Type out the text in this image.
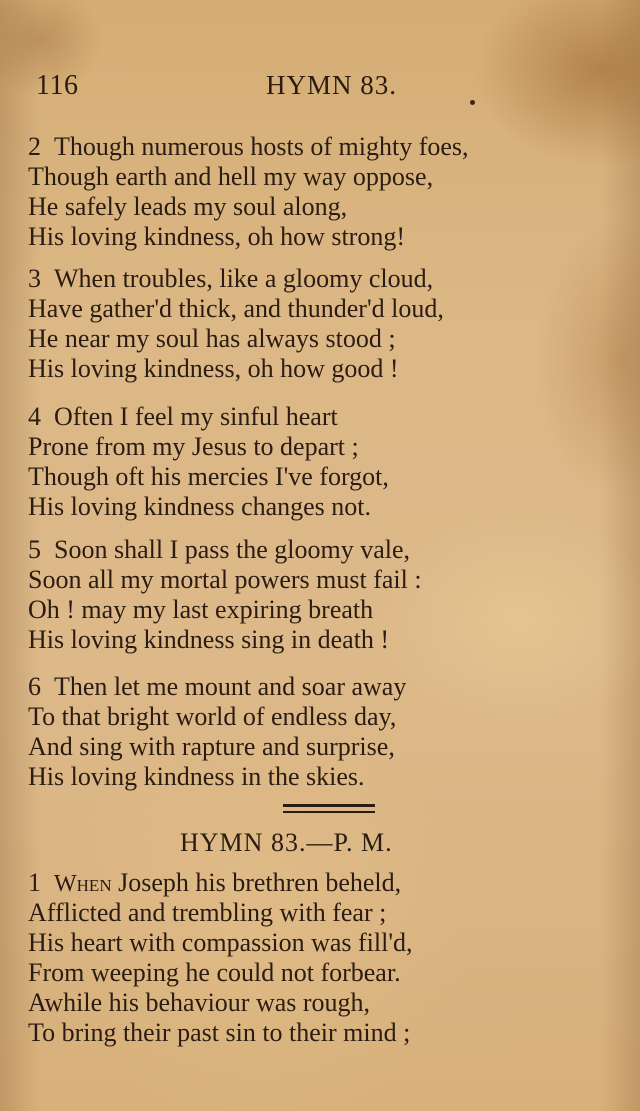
116	HYMN 83.
2 Though numerous hosts of mighty foes,
Though earth and hell my way oppose,
He safely leads my soul along,
His loving kindness, oh how strong!
3 When troubles, like a gloomy cloud,
Have gather'd thick, and thunder'd loud,
He near my soul has always stood ;
His loving kindness, oh how good !
4 Often I feel my sinful heart
Prone from my Jesus to depart ;
Though oft his mercies I've forgot,
His loving kindness changes not.
5 Soon shall I pass the gloomy vale,
Soon all my mortal powers must fail :
Oh ! may my last expiring breath
His loving kindness sing in death !
6 Then let me mount and soar away
To that bright world of endless day,
And sing with rapture and surprise,
His loving kindness in the skies.
HYMN 83.—P. M.
1 When Joseph his brethren beheld,
Afflicted and trembling with fear ;
His heart with compassion was fill'd,
From weeping he could not forbear.
Awhile his behaviour was rough,
To bring their past sin to their mind ;
